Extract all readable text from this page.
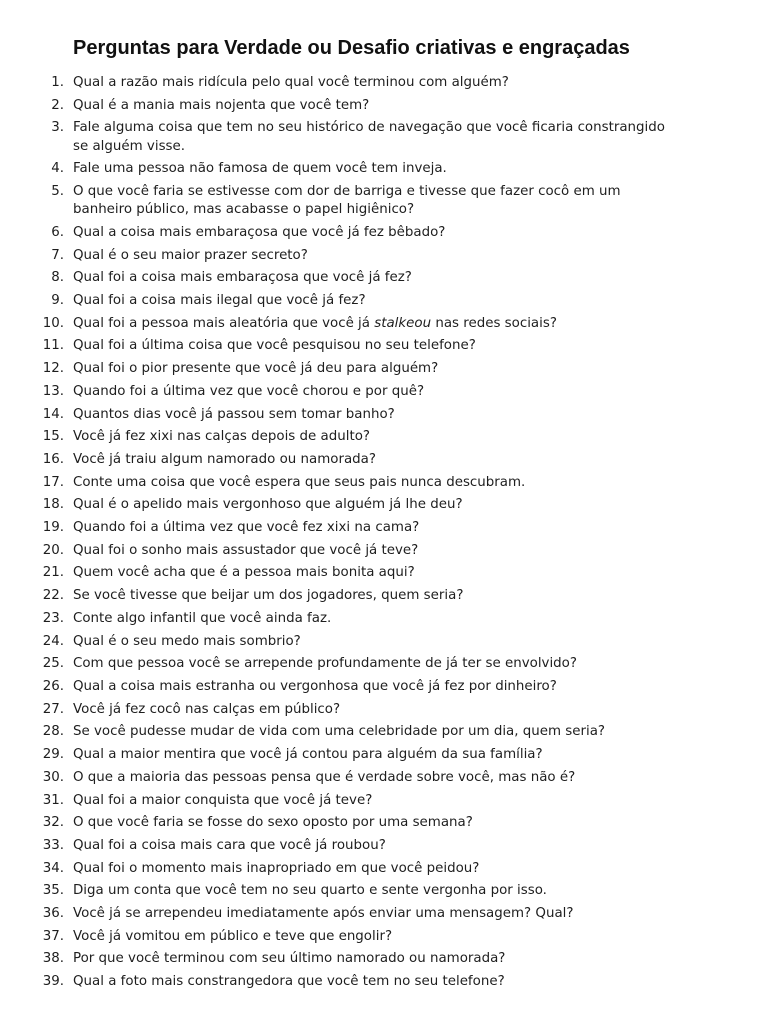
Perguntas para Verdade ou Desafio criativas e engraçadas
1. Qual a razão mais ridícula pelo qual você terminou com alguém?
2. Qual é a mania mais nojenta que você tem?
3. Fale alguma coisa que tem no seu histórico de navegação que você ficaria constrangido se alguém visse.
4. Fale uma pessoa não famosa de quem você tem inveja.
5. O que você faria se estivesse com dor de barriga e tivesse que fazer cocô em um banheiro público, mas acabasse o papel higiênico?
6. Qual a coisa mais embaraçosa que você já fez bêbado?
7. Qual é o seu maior prazer secreto?
8. Qual foi a coisa mais embaraçosa que você já fez?
9. Qual foi a coisa mais ilegal que você já fez?
10. Qual foi a pessoa mais aleatória que você já stalkeou nas redes sociais?
11. Qual foi a última coisa que você pesquisou no seu telefone?
12. Qual foi o pior presente que você já deu para alguém?
13. Quando foi a última vez que você chorou e por quê?
14. Quantos dias você já passou sem tomar banho?
15. Você já fez xixi nas calças depois de adulto?
16. Você já traiu algum namorado ou namorada?
17. Conte uma coisa que você espera que seus pais nunca descubram.
18. Qual é o apelido mais vergonhoso que alguém já lhe deu?
19. Quando foi a última vez que você fez xixi na cama?
20. Qual foi o sonho mais assustador que você já teve?
21. Quem você acha que é a pessoa mais bonita aqui?
22. Se você tivesse que beijar um dos jogadores, quem seria?
23. Conte algo infantil que você ainda faz.
24. Qual é o seu medo mais sombrio?
25. Com que pessoa você se arrepende profundamente de já ter se envolvido?
26. Qual a coisa mais estranha ou vergonhosa que você já fez por dinheiro?
27. Você já fez cocô nas calças em público?
28. Se você pudesse mudar de vida com uma celebridade por um dia, quem seria?
29. Qual a maior mentira que você já contou para alguém da sua família?
30. O que a maioria das pessoas pensa que é verdade sobre você, mas não é?
31. Qual foi a maior conquista que você já teve?
32. O que você faria se fosse do sexo oposto por uma semana?
33. Qual foi a coisa mais cara que você já roubou?
34. Qual foi o momento mais inapropriado em que você peidou?
35. Diga um conta que você tem no seu quarto e sente vergonha por isso.
36. Você já se arrependeu imediatamente após enviar uma mensagem? Qual?
37. Você já vomitou em público e teve que engolir?
38. Por que você terminou com seu último namorado ou namorada?
39. Qual a foto mais constrangedora que você tem no seu telefone?
